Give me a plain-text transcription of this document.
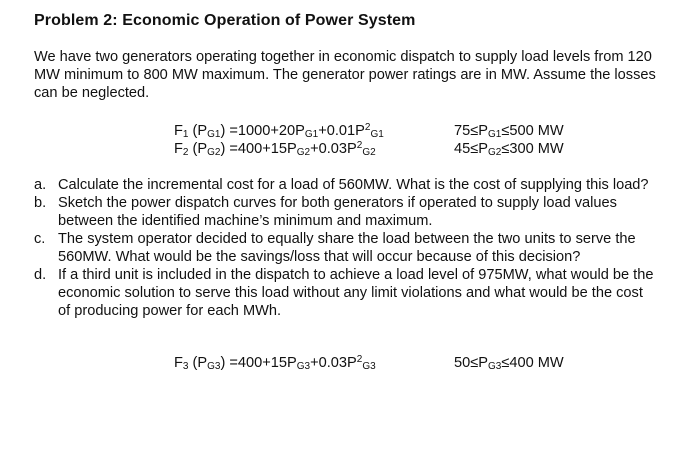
Problem 2: Economic Operation of Power System
We have two generators operating together in economic dispatch to supply load levels from 120 MW minimum to 800 MW maximum. The generator power ratings are in MW. Assume the losses can be neglected.
$F_1$ $(P_{G1}) =1000+20P_{G1}+0.01P^2_{G1}$	$75\le P_{G1}\le 500$ MW
$F_2$ $(P_{G2}) =400+15P_{G2}+0.03P^2_{G2}$	$45\le P_{G2}\le 300$ MW
a. Calculate the incremental cost for a load of 560MW. What is the cost of supplying this load?
b. Sketch the power dispatch curves for both generators if operated to supply load values between the identified machine’s minimum and maximum.
c. The system operator decided to equally share the load between the two units to serve the 560MW. What would be the savings/loss that will occur because of this decision?
d. If a third unit is included in the dispatch to achieve a load level of 975MW, what would be the economic solution to serve this load without any limit violations and what would be the cost of producing power for each MWh.
$F_3$ $(P_{G3}) =400+15P_{G3}+0.03P^2_{G3}$	$50\le P_{G3}\le 400$ MW
